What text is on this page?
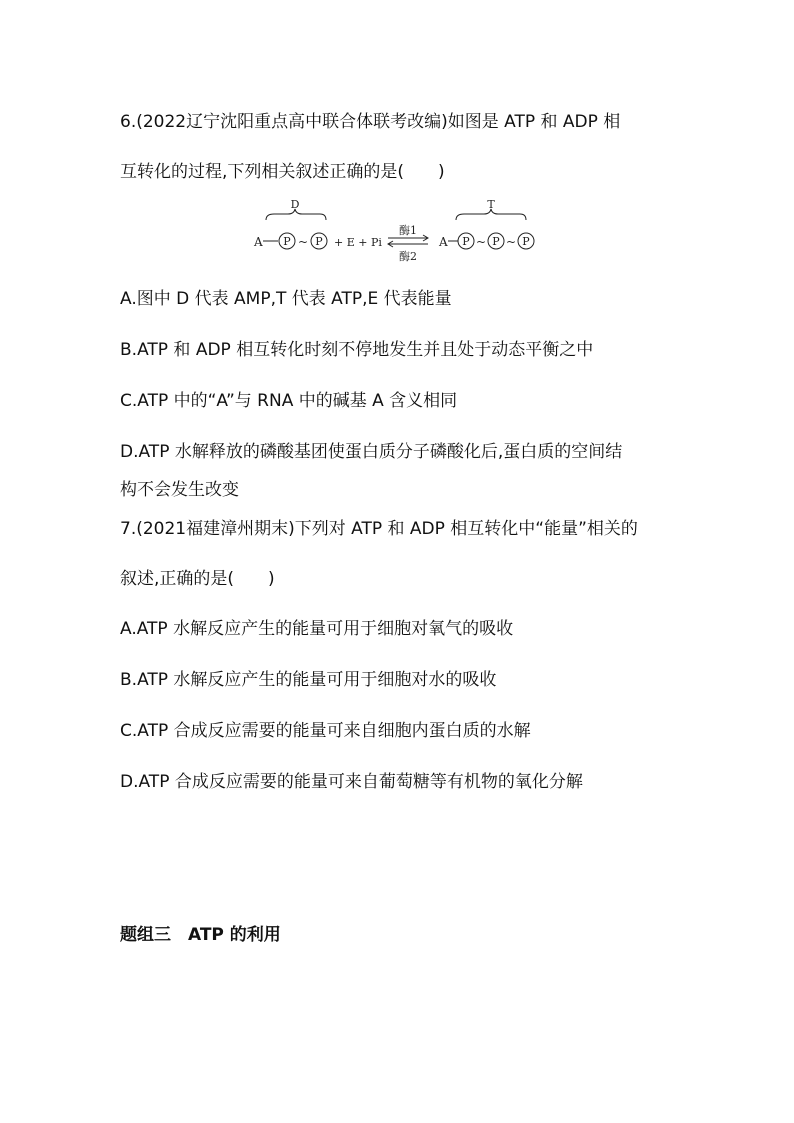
6.(2022辽宁沈阳重点高中联合体联考改编)如图是 ATP 和 ADP 相
互转化的过程,下列相关叙述正确的是(　　)
D
A P ~ P + E + Pi
酶1
酶2
T
A P ~ P ~ P
A.图中 D 代表 AMP,T 代表 ATP,E 代表能量
B.ATP 和 ADP 相互转化时刻不停地发生并且处于动态平衡之中
C.ATP 中的“A”与 RNA 中的碱基 A 含义相同
D.ATP 水解释放的磷酸基团使蛋白质分子磷酸化后,蛋白质的空间结
构不会发生改变
7.(2021福建漳州期末)下列对 ATP 和 ADP 相互转化中“能量”相关的
叙述,正确的是(　　)
A.ATP 水解反应产生的能量可用于细胞对氧气的吸收
B.ATP 水解反应产生的能量可用于细胞对水的吸收
C.ATP 合成反应需要的能量可来自细胞内蛋白质的水解
D.ATP 合成反应需要的能量可来自葡萄糖等有机物的氧化分解
题组三　ATP 的利用
